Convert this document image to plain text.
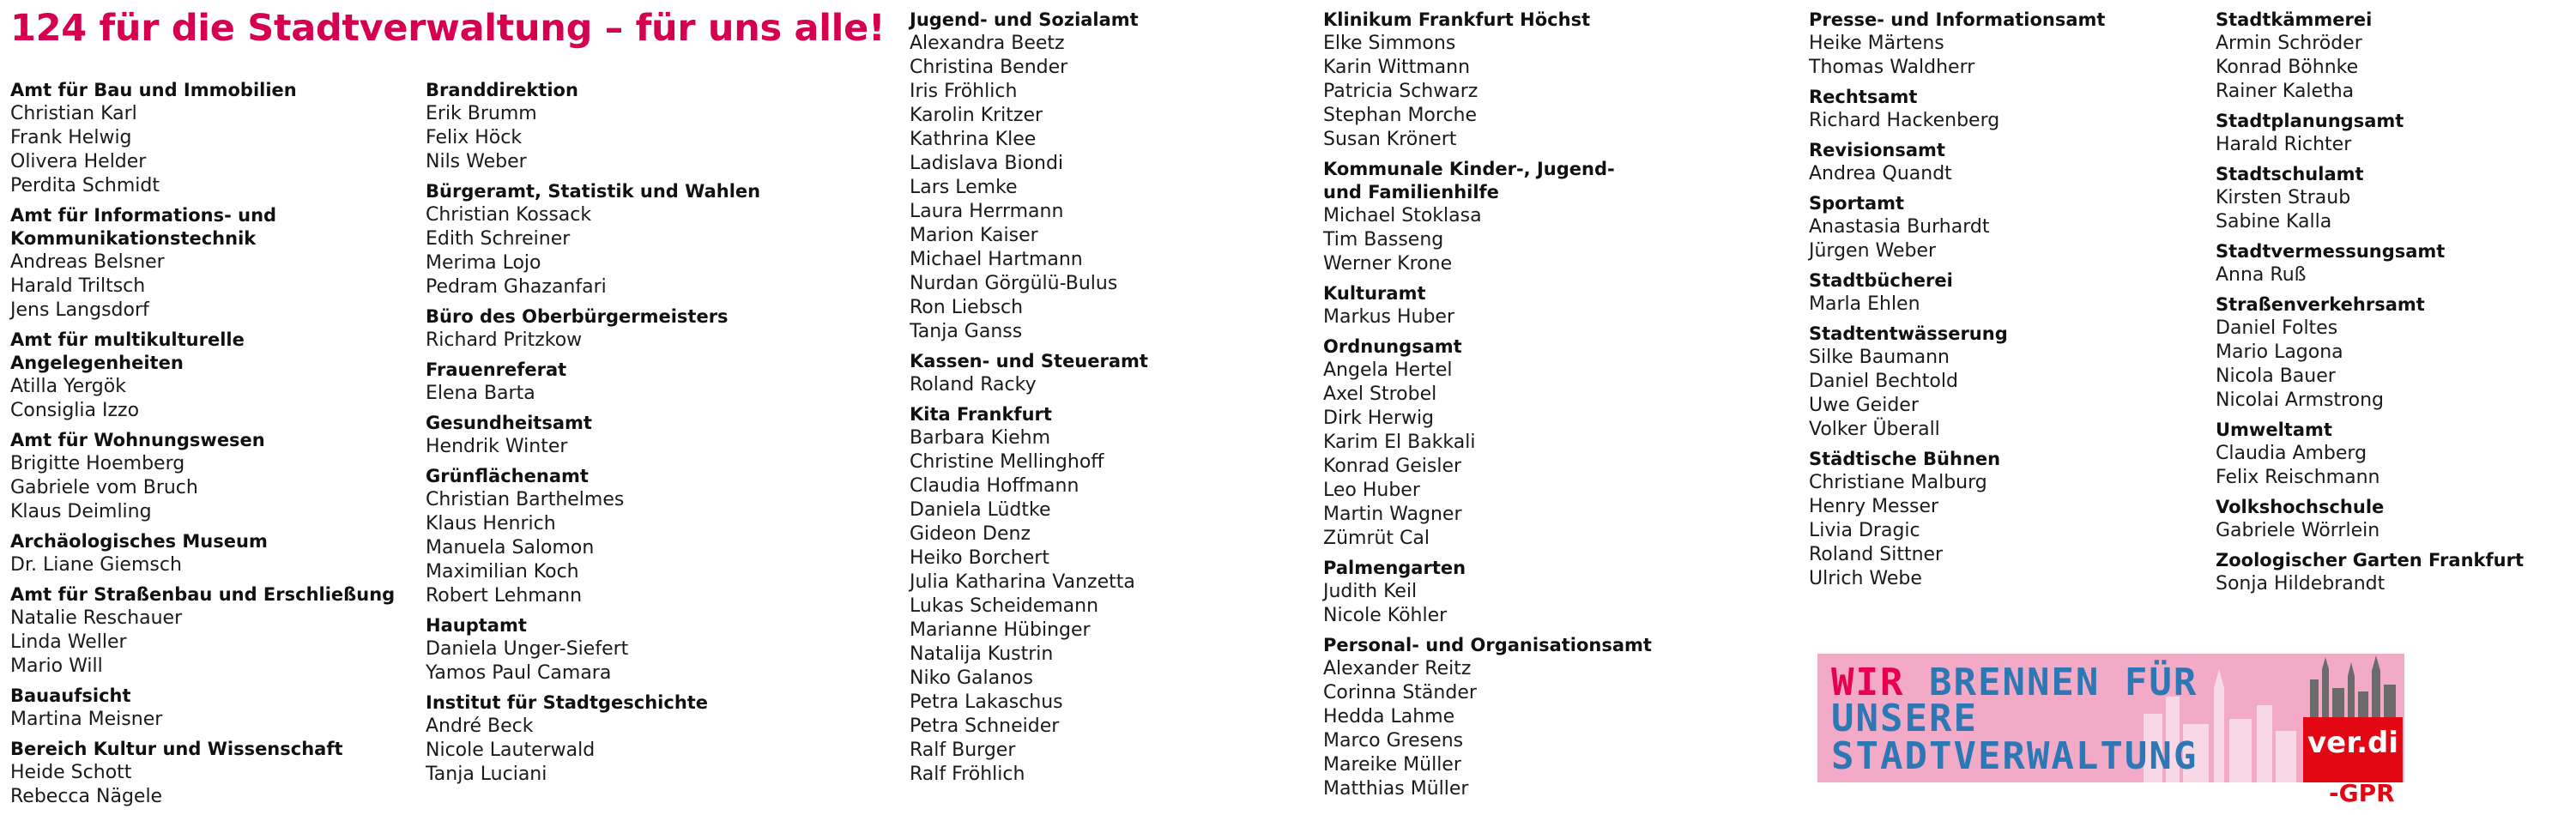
124 für die Stadtverwaltung – für uns alle!
Amt für Bau und Immobilien
Christian Karl
Frank Helwig
Olivera Helder
Perdita Schmidt
Amt für Informations- und
Kommunikationstechnik
Andreas Belsner
Harald Triltsch
Jens Langsdorf
Amt für multikulturelle
Angelegenheiten
Atilla Yergök
Consiglia Izzo
Amt für Wohnungswesen
Brigitte Hoemberg
Gabriele vom Bruch
Klaus Deimling
Archäologisches Museum
Dr. Liane Giemsch
Amt für Straßenbau und Erschließung
Natalie Reschauer
Linda Weller
Mario Will
Bauaufsicht
Martina Meisner
Bereich Kultur und Wissenschaft
Heide Schott
Rebecca Nägele
Branddirektion
Erik Brumm
Felix Höck
Nils Weber
Bürgeramt, Statistik und Wahlen
Christian Kossack
Edith Schreiner
Merima Lojo
Pedram Ghazanfari
Büro des Oberbürgermeisters
Richard Pritzkow
Frauenreferat
Elena Barta
Gesundheitsamt
Hendrik Winter
Grünflächenamt
Christian Barthelmes
Klaus Henrich
Manuela Salomon
Maximilian Koch
Robert Lehmann
Hauptamt
Daniela Unger-Siefert
Yamos Paul Camara
Institut für Stadtgeschichte
André Beck
Nicole Lauterwald
Tanja Luciani
Jugend- und Sozialamt
Alexandra Beetz
Christina Bender
Iris Fröhlich
Karolin Kritzer
Kathrina Klee
Ladislava Biondi
Lars Lemke
Laura Herrmann
Marion Kaiser
Michael Hartmann
Nurdan Görgülü-Bulus
Ron Liebsch
Tanja Ganss
Kassen- und Steueramt
Roland Racky
Kita Frankfurt
Barbara Kiehm
Christine Mellinghoff
Claudia Hoffmann
Daniela Lüdtke
Gideon Denz
Heiko Borchert
Julia Katharina Vanzetta
Lukas Scheidemann
Marianne Hübinger
Natalija Kustrin
Niko Galanos
Petra Lakaschus
Petra Schneider
Ralf Burger
Ralf Fröhlich
Klinikum Frankfurt Höchst
Elke Simmons
Karin Wittmann
Patricia Schwarz
Stephan Morche
Susan Krönert
Kommunale Kinder-, Jugend-
und Familienhilfe
Michael Stoklasa
Tim Basseng
Werner Krone
Kulturamt
Markus Huber
Ordnungsamt
Angela Hertel
Axel Strobel
Dirk Herwig
Karim El Bakkali
Konrad Geisler
Leo Huber
Martin Wagner
Zümrüt Cal
Palmengarten
Judith Keil
Nicole Köhler
Personal- und Organisationsamt
Alexander Reitz
Corinna Ständer
Hedda Lahme
Marco Gresens
Mareike Müller
Matthias Müller
Presse- und Informationsamt
Heike Märtens
Thomas Waldherr
Rechtsamt
Richard Hackenberg
Revisionsamt
Andrea Quandt
Sportamt
Anastasia Burhardt
Jürgen Weber
Stadtbücherei
Marla Ehlen
Stadtentwässerung
Silke Baumann
Daniel Bechtold
Uwe Geider
Volker Überall
Städtische Bühnen
Christiane Malburg
Henry Messer
Livia Dragic
Roland Sittner
Ulrich Webe
Stadtkämmerei
Armin Schröder
Konrad Böhnke
Rainer Kaletha
Stadtplanungsamt
Harald Richter
Stadtschulamt
Kirsten Straub
Sabine Kalla
Stadtvermessungsamt
Anna Ruß
Straßenverkehrsamt
Daniel Foltes
Mario Lagona
Nicola Bauer
Nicolai Armstrong
Umweltamt
Claudia Amberg
Felix Reischmann
Volkshochschule
Gabriele Wörrlein
Zoologischer Garten Frankfurt
Sonja Hildebrandt
WIR BRENNEN FÜR
UNSERE
STADTVERWALTUNG	ver.di
-GPR
